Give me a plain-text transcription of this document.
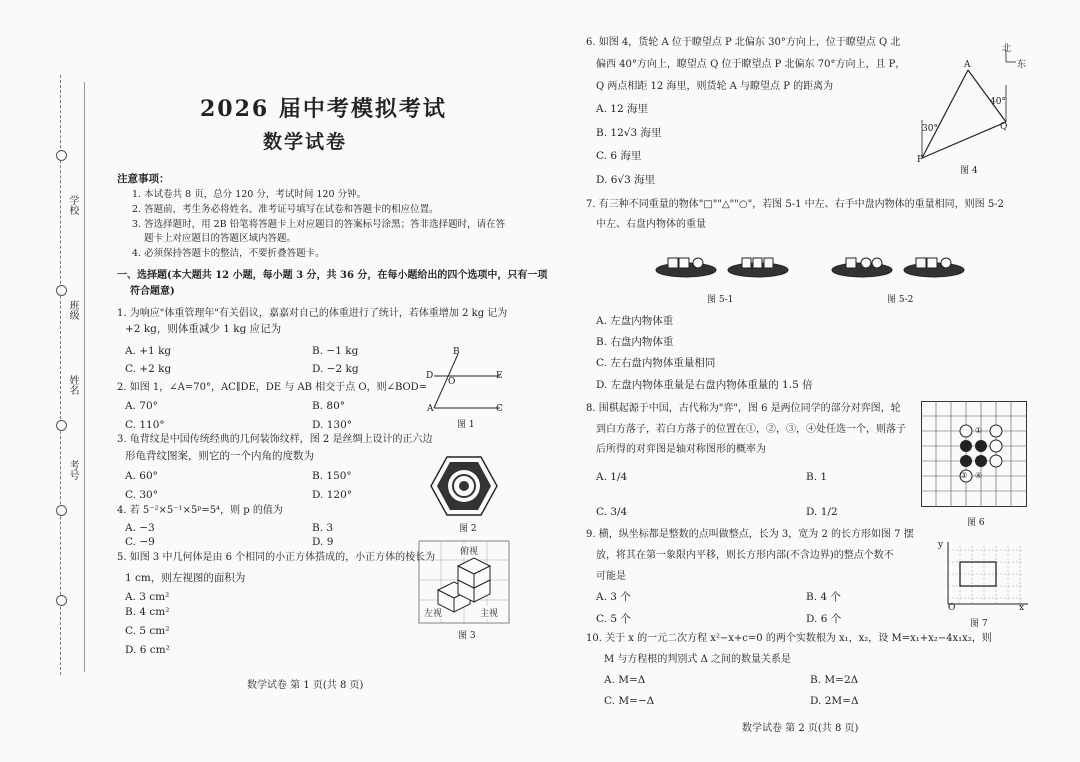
学校
班级
姓名
考号
2026 届中考模拟考试
数学试卷
注意事项：
1. 本试卷共 8 页，总分 120 分，考试时间 120 分钟。
2. 答题前，考生务必将姓名、准考证号填写在试卷和答题卡的相应位置。
3. 答选择题时，用 2B 铅笔将答题卡上对应题目的答案标号涂黑；答非选择题时，请在答
题卡上对应题目的答题区域内答题。
4. 必须保持答题卡的整洁，不要折叠答题卡。
一、选择题(本大题共 12 小题，每小题 3 分，共 36 分，在每小题给出的四个选项中，只有一项
符合题意)
1. 为响应"体重管理年"有关倡议，嘉嘉对自己的体重进行了统计，若体重增加 2 kg 记为
+2 kg，则体重减少 1 kg 应记为
A. +1 kg	B. −1 kg
C. +2 kg	D. −2 kg
2. 如图 1，∠A=70°，AC∥DE，DE 与 AB 相交于点 O，则∠BOD=
A. 70°	B. 80°
C. 110°	D. 130°
B
D
O
E
A	C
图 1
3. 龟背纹是中国传统经典的几何装饰纹样，图 2 是丝绸上设计的正六边
形龟背纹图案，则它的一个内角的度数为
A. 60°	B. 150°
C. 30°	D. 120°
图 2
4. 若 5⁻²×5⁻¹×5ᵖ=5⁴，则 p 的值为
A. −3	B. 3
C. −9	D. 9
5. 如图 3 中几何体是由 6 个相同的小正方体搭成的，小正方体的棱长为
1 cm，则左视图的面积为
A. 3 cm²
B. 4 cm²
C. 5 cm²
D. 6 cm²
俯视
左视	主视
图 3
数学试卷 第 1 页(共 8 页)
6. 如图 4，货轮 A 位于瞭望点 P 北偏东 30°方向上，位于瞭望点 Q 北
偏西 40°方向上，瞭望点 Q 位于瞭望点 P 北偏东 70°方向上，且 P，
Q 两点相距 12 海里，则货轮 A 与瞭望点 P 的距离为
A. 12 海里
B. 12√3 海里
C. 6 海里
D. 6√3 海里
北
东
30°
40°
A
P
Q
图 4
7. 有三种不同重量的物体"□""△""○"，若图 5-1 中左、右手中盘内物体的重量相同，则图 5-2
中左、右盘内物体的重量
图 5-1	图 5-2
A. 左盘内物体重
B. 右盘内物体重
C. 左右盘内物体重量相同
D. 左盘内物体重量是右盘内物体重量的 1.5 倍
8. 围棋起源于中国，古代称为"弈"，图 6 是两位同学的部分对弈图，轮
到白方落子，若白方落子的位置在①，②，③，④处任选一个，则落子
后所得的对弈图是轴对称图形的概率为
A. 1/4	B. 1
C. 3/4	D. 1/2
①
②
③ ④
图 6
9. 横，纵坐标都是整数的点叫做整点，长为 3，宽为 2 的长方形如图 7 摆
放，将其在第一象限内平移，则长方形内部(不含边界)的整点个数不
可能是
A. 3 个	B. 4 个
C. 5 个	D. 6 个
y
x
O
图 7
10. 关于 x 的一元二次方程 x²−x+c=0 的两个实数根为 x₁，x₂，设 M=x₁+x₂−4x₁x₂，则
M 与方程根的判别式 Δ 之间的数量关系是
A. M=Δ	B. M=2Δ
C. M=−Δ	D. 2M=Δ
数学试卷 第 2 页(共 8 页)
